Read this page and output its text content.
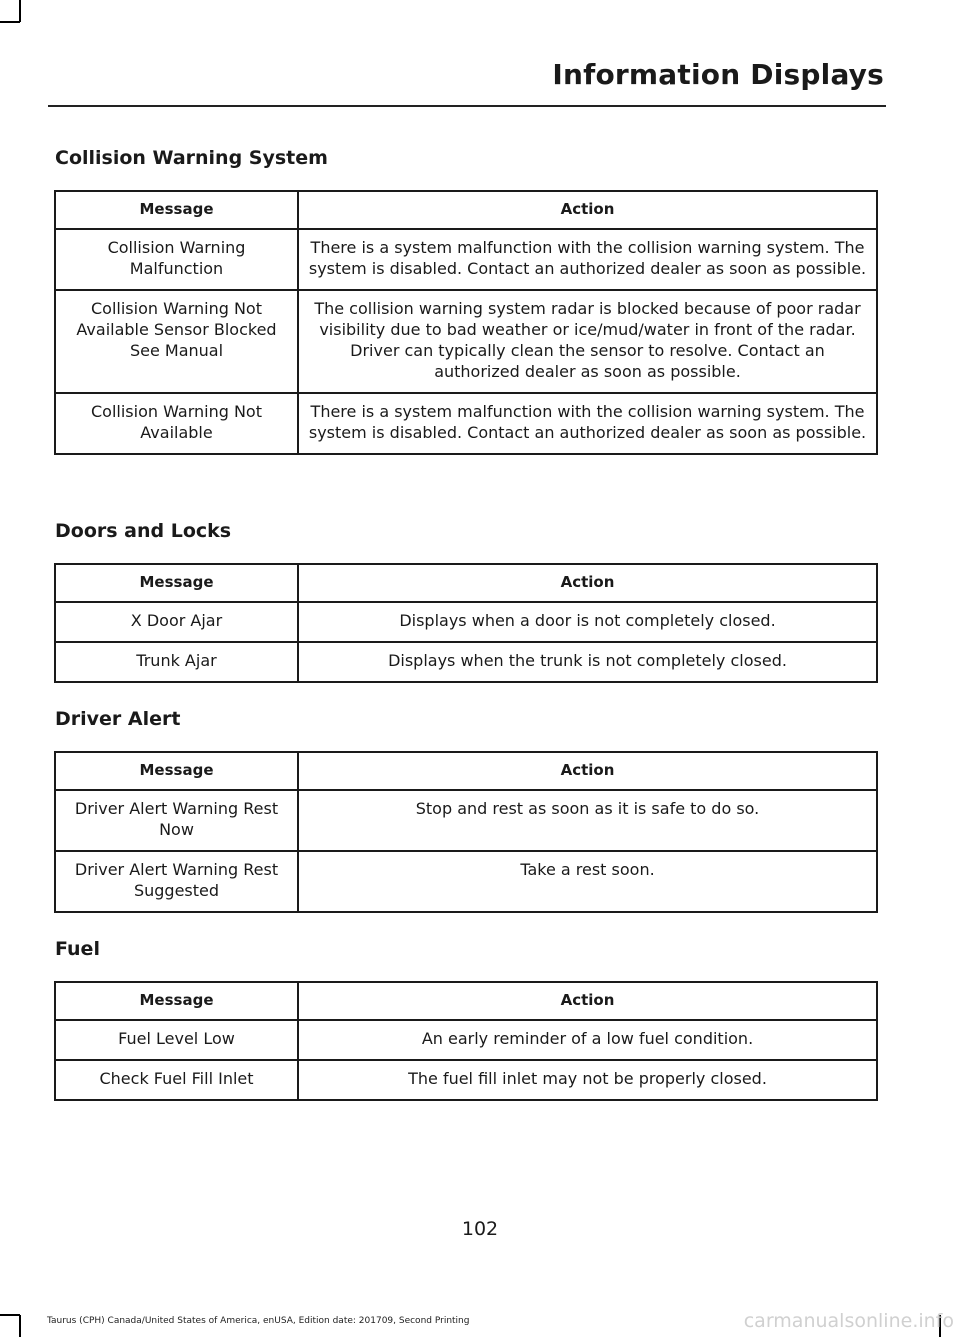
Information Displays
Collision Warning System
Message	Action
Collision Warning Malfunction	There is a system malfunction with the collision warning system. The system is disabled. Contact an authorized dealer as soon as possible.
Collision Warning Not Available Sensor Blocked See Manual	The collision warning system radar is blocked because of poor radar visibility due to bad weather or ice/mud/water in front of the radar. Driver can typically clean the sensor to resolve. Contact an authorized dealer as soon as possible.
Collision Warning Not Available	There is a system malfunction with the collision warning system. The system is disabled. Contact an authorized dealer as soon as possible.
Doors and Locks
Message	Action
X Door Ajar	Displays when a door is not completely closed.
Trunk Ajar	Displays when the trunk is not completely closed.
Driver Alert
Message	Action
Driver Alert Warning Rest Now	Stop and rest as soon as it is safe to do so.
Driver Alert Warning Rest Suggested	Take a rest soon.
Fuel
Message	Action
Fuel Level Low	An early reminder of a low fuel condition.
Check Fuel Fill Inlet	The fuel fill inlet may not be properly closed.
102
Taurus (CPH) Canada/United States of America, enUSA, Edition date: 201709, Second Printing	carmanualsonline.info
